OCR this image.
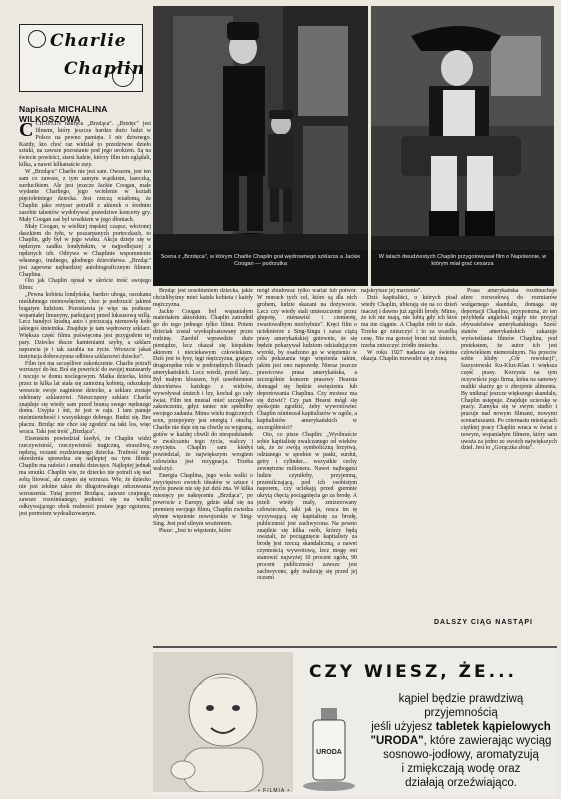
Charlie
Chaplin
Napisała MICHALINA WILKOSZOWA
Scena z „Brzdęca", w którym Charlie Chaplin grał wędrownego szklarza a Jackie Coogan — podrzutka
W latach dwudziestych Chaplin przygotowywał film o Napoleonie, w którym miał grać cesarza
C CHAPLIN nakręca „Brzdąca". „Brzdęc" jest filmem, który jeszcze bardzo dużo ludzi w Polsce na pewno pamięta. I nic dziwnego. Każdy, kto choć raz widział to przedziwne dzieło sztuki, na zawsze pozostanie pod jego urokiem. Są na świecie powieści, starsi ludzie, którzy film ten oglądali, kilka, a nawet kilkanaście razy.

W „Brzdącu" Charlie nie jest sam. Owszem, jest ten sam co zawsze, z tym samym wąsikiem, laseczką, surducikiem. Ale jest jeszcze Jackie Coogan, małe wydanie Charliego, jego wcielenie w kształt pięcioletniego dziecka. Jest rzeczą wiadomą, że Chaplin jako reżyser potrafił z aktorek o średnim zasobie talentów wydobywać prawdziwe koncerty gry. Mały Coogan zaś był wosikiem w jego dłoniach.

Mały Coogan, w wielkiej męskiej czapce, włożonej daszkiem do tyłu, w poszarpanych porteczkach, to Chaplin, gdy był w jego wieku. Akcja dzieje się w nędznym zaułku londyńskim, w najpodlejszej z nędznych izb. Odżywa w Chaplinie wspomnienie własnego, trudnego, głodnego dzieciństwa. „Brzdąc" jest zapewne najbardziej autobiograficznym filmem Chaplina.

Oto jak Chaplin opisał w skrócie treść swojego filmu:

„Pewna kobieta londyńska, bardzo uboga, oszukana nieślubnego niemowlęciem, chce je podrzucić jakimś bogatym ludziom. Pozostawia je więc na podusze wspaniałej limuzyny, parkującej przed luksusową willą. Lecz bandyci kradną auto i porzucają niemowlę koło jakiegoś śmietnika. Znajduje je tam wędrowny szklarz. Większa część filmu poświęcona jest przygodom tej pary. Dziecko tłucze kamieniami szyby, a szklarz naprawia je i tak zarabia na życie. Wreszcie jakaś instytucja dobroczynna odbiera szklarzowi dziecko".

Film ten ma szczęśliwe zakończenie. Charlie potrafi wzruszyć do łez. Boi się powrócić do swojej manszardy i nocuje w domu noclegowym. Matka dziecka, która przez te kilka lat stała się zamożną kobietą, odszukuje wreszcie swoje zaginione dziecko, a szklarz zostaje odebrany szklarzowi. Nieszczęsny szklarz Charlie znajduje się wtedy sam przed bramą swego nędznego domu. Usypia i śni, że jest w raju. I tam panuje nieśmiertelność i wszystkiego dobrego. Budzi się. Bez płaczu. Brzdąc nie chce się zgodzić na taki los, więc wraca. Taki jest treść „Brzdąca".

Eisenstein powiedział kiedyś, że Chaplin widzi rzeczywistość, rzeczywistość tragiczną, straszliwą, nędzną, oczami rozdzieranego dziecka. Trafność tego określenia sprawdza się najlepiej na tym filmie. Chaplin ma radości i smutki dziecięce. Najlepiej jednak ma smutki. Chaplin wie, że dziecko nie potrafi się nad sobą litować, ale często się wzrusza. Wie, że dziecko nie jest zdolne takie do długotrwałego odczuwania wzruszenia. Tutaj portret Brzdąca, zawsze czujnego, zawsze roześmianego, podnosi się na wielki odkrywającego obok realności postaw jego egoizmu, jest portretem wydealizowanym.

Brzdąc jest uosobieniem dziecka, jakie chcielibyśmy mieć każda kobieta i każdy mężczyzna.

Jackie Coogan był wspaniałym materiałem aktorskim. Chaplin zatrudnił go do tego jednego tylko filmu. Potem dzieciak został wyeksploatowany przez rodzinę. Zarobił wprawdzie duże pieniądze, lecz okazał się kiepskim aktorem i nieciekawym człowiekiem. Dziś jest to łysy, tęgi mężczyzna, grający drugorzędne role w podrzędnych filmach amerykańskich. Lecz wiedź, przed laty... Był małym kloszem, był uosobieniem dzieciństwa każdego z widzów, wywoływał śmiech i łzy, kochał go cały świat. Film ten musiał mieć szczęśliwe zakończenie, gdyż taniec nie spełniłby swojego zadania. Mimo wielu tragicznych scen, przepojony jest energią i otuchą. Charlie nie daje się na chwilę za wygraną, gotów w każdej chwili do niespodzianek w zwalczaniu tego życia, walczy i zwycięża. Chaplin sam kiedyś powiedział, że największym wrogiem człowieka jest rezygnacja. Trzeba walczyć.

Energia Chaplina, jego wola walki o zwycięstwo swoich ideałów w sztuce i życiu prawie nie się już dziś zna. W kilka miesięcy po nakręceniu „Brzdąca", po powrocie z Europy, gdzie udał się na premierę swojego filmu, Chaplin zwiedza słynne więzienie nowojorskie w Sing-Sing. Jest pod silnym wrażeniem.

Pisze: „Jest to więzienie, które

mógł zbudować tylko wariat lub potwór. W murach tych cel, które są dla nich grobem, ludzie skazani na dożywocie. Lecz czy wtedy stali umieszczenie przez głupotę, nienawiść i ciemnotę, zwariowałbym niechybnie". Kręci film o ucieknierze z Sing-Singu i zaraz ciążą prasy amerykańskiej gniewnie, że się będzie pokazywał ludziom odsiadującym wyroki, by osadzono go w więzieniu w celu pokazania tego więzienia takim, jakim jest ono naprawdę. Nieraz jeszcze prawicowa prasa amerykańska, a szczególnie koncern prasowy Hearsta domagał się będzie uwięzienia lub deportowania Chaplina. Czy możesz ma się dziwić? Czy pan Hearst mógł się spokojnie zgodzić, żeby wywrotowiec Chaplin ośmieszał kapitalistów w ogóle, a kapitalistów amerykańskich w szczególności?

Oto, co pisze Chaplin: „Wyobraźcie sobie kapitalistę zwalczanego od wieków tak, że ze swoją symboliczną brzytwą, odzianego w spodnie w paski, surdut, getry i cylinder... wszystkie cechy zewnętrzne milionera. Nawet najbogatsi ludzie czyniłoby, przyjemną, przemilczającą, pod ich osobistym naporem, czy uciekają przed giemnie ukrytą chęcią pociągnięcia go za brodę. A jeżeli wtedy mały, zmizerowany człowieczek, taki jak ja, rzuca im tę wyzywającą się kapitalistę za brodę, publiczność jest zachwycona. Na pewno znajdzie się kilka osób, którzy będą uważali, że pociągnięcie kapitalisty za brodę jest rzeczą skandaliczną, a nawet czynnością wywrotową, lecz mogę oni stanowić najwyżej 10 procent ogółu, 90 procent publiczności zawsze jest zachwycone, gdy realizuję się przed jej oczami

najskrytsze jej marzenia".

Dziś kapitaliści, o których pisał wtedy Chaplin, ubierają się na co dzień inaczej i dawno już zgolili brody. Mimo, że ich nie mają, nie lubią gdy ich ktoś ma nie ciągnie. A Chaplin robi to stale. Trzeba go zniszczyć i to za wszelką cenę. Nie ma gorszej broni niż śmiech, trzeba zniszczyć źródło śmiechu.

W roku 1927 nadarza się świetna okazja. Chaplin rozwodzi się z żoną.

Prasa amerykańska rozdmuchuje afere rozwodową do rozmiarów wulgarnego skandalu, domaga się deportacji Chaplina, przypomina, że ten przybłęda angielski nigdy nie przyjął obywatelstwa amerykańskiego. Sześć stanów amerykańskich zakazuje wyświetlania filmów Chaplina, pod pretekstem, że autor ich jest człowiekiem niemoralnym. Na przeciw sobie kluby „Cór rewolucji", faszystowski Ku-Klux-Klan i większa część prasy. Korzysta na tym oczywiście jego firma, która na samowy maltki skarży go o zbrojenie alimenta. By uniknąć jeszcze większego skandalu, Chaplin ustępuje. Znajduje uciecskę w pracy. Zamyka się w swym studio i pracuje nad nowym filmami, nowymi scenariuszami. Po czternastu miesiącach ciężkiej pracy Chaplin wraca w świat z nowym, wspaniałym filmem, który sam uważa za jedno ze swoich największych dzieł. Jest to „Gorączka złota".

DALSZY CIĄG NASTĄPI
CZY WIESZ, ŻE...
URODA
kąpiel będzie prawdziwą przyjemnością
jeśli użyjesz tabletek kąpielowych
"URODA", które zawierając wyciąg
sosnowo-jodłowy, aromatyzują
i zmiękczają wodę oraz
działają orzeźwiająco.
• FILMIA •
